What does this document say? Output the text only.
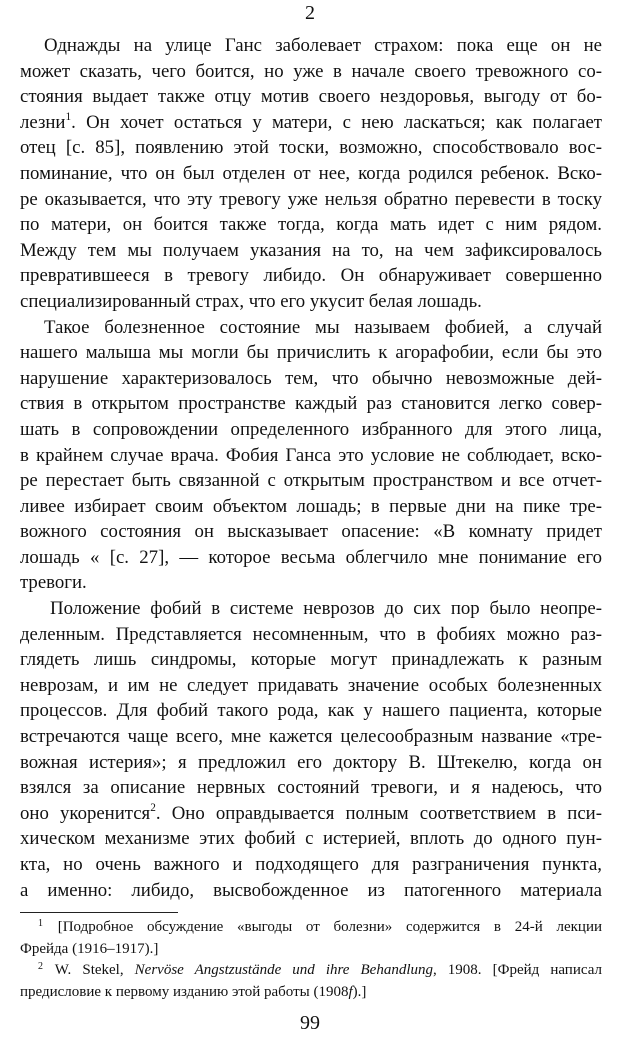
2
Однажды на улице Ганс заболевает страхом: пока еще он не
может сказать, чего боится, но уже в начале своего тревожного со-
стояния выдает также отцу мотив своего нездоровья, выгоду от бо-
лезни$^1$. Он хочет остаться у матери, с нею ласкаться; как полагает
отец [с. 85], появлению этой тоски, возможно, способствовало вос-
поминание, что он был отделен от нее, когда родился ребенок. Вско-
ре оказывается, что эту тревогу уже нельзя обратно перевести в тоску
по матери, он боится также тогда, когда мать идет с ним рядом.
Между тем мы получаем указания на то, на чем зафиксировалось
превратившееся в тревогу либидо. Он обнаруживает совершенно
специализированный страх, что его укусит белая лошадь.
Такое болезненное состояние мы называем фобией, а случай
нашего малыша мы могли бы причислить к агорафобии, если бы это
нарушение характеризовалось тем, что обычно невозможные дей-
ствия в открытом пространстве каждый раз становится легко совер-
шать в сопровождении определенного избранного для этого лица,
в крайнем случае врача. Фобия Ганса это условие не соблюдает, вско-
ре перестает быть связанной с открытым пространством и все отчет-
ливее избирает своим объектом лошадь; в первые дни на пике тре-
вожного состояния он высказывает опасение: «В комнату придет
лошадь « [с. 27], — которое весьма облегчило мне понимание его
тревоги.
Положение фобий в системе неврозов до сих пор было неопре-
деленным. Представляется несомненным, что в фобиях можно раз-
глядеть лишь синдромы, которые могут принадлежать к разным
неврозам, и им не следует придавать значение особых болезненных
процессов. Для фобий такого рода, как у нашего пациента, которые
встречаются чаще всего, мне кажется целесообразным название «тре-
вожная истерия»; я предложил его доктору В. Штекелю, когда он
взялся за описание нервных состояний тревоги, и я надеюсь, что
оно укоренится$^2$. Оно оправдывается полным соответствием в пси-
хическом механизме этих фобий с истерией, вплоть до одного пун-
кта, но очень важного и подходящего для разграничения пункта,
а именно: либидо, высвобожденное из патогенного материала
$^1$ [Подробное обсуждение «выгоды от болезни» содержится в 24-й лекции
Фрейда (1916–1917).]
$^2$ W. Stekel, Nervöse Angstzustände und ihre Behandlung, 1908. [Фрейд написал
предисловие к первому изданию этой работы (1908f).]
99
